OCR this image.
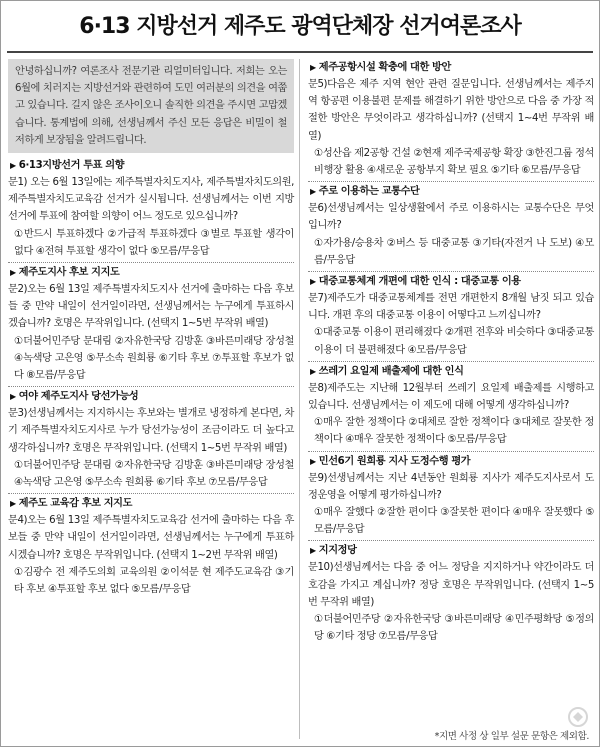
6·13 지방선거 제주도 광역단체장 선거여론조사
안녕하십니까? 여론조사 전문기관 리얼미터입니다. 저희는 오는 6월에 치러지는 지방선거와 관련하여 도민 여러분의 의견을 여쭙고 있습니다. 길지 않은 조사이오니 솔직한 의견을 주시면 고맙겠습니다. 통계법에 의해, 선생님께서 주신 모든 응답은 비밀이 철저하게 보장됨을 알려드립니다.
▶ 6·13지방선거 투표 의향
문1) 오는 6월 13일에는 제주특별자치도지사, 제주특별자치도의원, 제주특별자치도교육감 선거가 실시됩니다. 선생님께서는 이번 지방선거에 투표에 참여할 의향이 어느 정도로 있으십니까?
①반드시 투표하겠다 ②가급적 투표하겠다 ③별로 투표할 생각이 없다 ④전혀 투표할 생각이 없다 ⑤모름/무응답
▶ 제주도지사 후보 지지도
문2)오는 6월 13일 제주특별자치도지사 선거에 출마하는 다음 후보들 중 만약 내일이 선거일이라면, 선생님께서는 누구에게 투표하시겠습니까? 호명은 무작위입니다. (선택지 1~5번 무작위 배열)
①더불어민주당 문대림 ②자유한국당 김방훈 ③바른미래당 장성철 ④녹색당 고은영 ⑤무소속 원희룡 ⑥기타 후보 ⑦투표할 후보가 없다 ⑧모름/무응답
▶ 여야 제주도지사 당선가능성
문3)선생님께서는 지지하시는 후보와는 별개로 냉정하게 본다면, 차기 제주특별자치도지사로 누가 당선가능성이 조금이라도 더 높다고 생각하십니까? 호명은 무작위입니다. (선택지 1~5번 무작위 배열)
①더불어민주당 문대림 ②자유한국당 김방훈 ③바른미래당 장성철 ④녹색당 고은영 ⑤무소속 원희룡 ⑥기타 후보 ⑦모름/무응답
▶ 제주도 교육감 후보 지지도
문4)오는 6월 13일 제주특별자치도교육감 선거에 출마하는 다음 후보들 중 만약 내일이 선거일이라면, 선생님께서는 누구에게 투표하시겠습니까? 호명은 무작위입니다. (선택지 1~2번 무작위 배열)
①김광수 전 제주도의회 교육의원 ②이석문 현 제주도교육감 ③기타 후보 ④투표할 후보 없다 ⑤모름/무응답
▶ 제주공항시설 확충에 대한 방안
문5)다음은 제주 지역 현안 관련 질문입니다. 선생님께서는 제주지역 항공편 이용불편 문제를 해결하기 위한 방안으로 다음 중 가장 적절한 방안은 무엇이라고 생각하십니까? (선택지 1~4번 무작위 배열)
①성산읍 제2공항 건설 ②현재 제주국제공항 확장 ③한진그룹 정석비행장 활용 ④새로운 공항부지 확보 필요 ⑤기타 ⑥모름/무응답
▶ 주로 이용하는 교통수단
문6)선생님께서는 일상생활에서 주로 이용하시는 교통수단은 무엇입니까?
①자가용/승용차 ②버스 등 대중교통 ③기타(자전거 나 도보) ④모름/무응답
▶ 대중교통체계 개편에 대한 인식 : 대중교통 이용
문7)제주도가 대중교통체계를 전면 개편한지 8개월 남짓 되고 있습니다. 개편 후의 대중교통 이용이 어떻다고 느끼십니까?
①대중교통 이용이 편리해졌다 ②개편 전후와 비슷하다 ③대중교통 이용이 더 불편해졌다 ④모름/무응답
▶ 쓰레기 요일제 배출제에 대한 인식
문8)제주도는 지난해 12월부터 쓰레기 요일제 배출제를 시행하고 있습니다. 선생님께서는 이 제도에 대해 어떻게 생각하십니까?
①매우 잘한 정책이다 ②대체로 잘한 정책이다 ③대체로 잘못한 정책이다 ④매우 잘못한 정책이다 ⑤모름/무응답
▶ 민선6기 원희룡 지사 도정수행 평가
문9)선생님께서는 지난 4년동안 원희룡 지사가 제주도지사로서 도정운영을 어떻게 평가하십니까?
①매우 잘했다 ②잘한 편이다 ③잘못한 편이다 ④매우 잘못했다 ⑤모름/무응답
▶ 지지정당
문10)선생님께서는 다음 중 어느 정당을 지지하거나 약간이라도 더 호감을 가지고 계십니까? 정당 호명은 무작위입니다. (선택지 1~5번 무작위 배열)
①더불어민주당 ②자유한국당 ③바른미래당 ④민주평화당 ⑤정의당 ⑥기타 정당 ⑦모름/무응답
*지면 사정 상 일부 설문 문항은 제외함.
